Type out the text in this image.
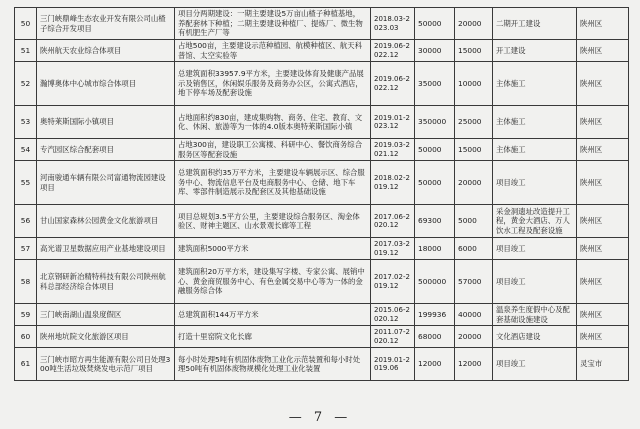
50	三门峡鼎峰生态农业开发有限公司山楂子综合开发项目	项目分两期建设：一期主要建设5万亩山楂子种植基地，养配套林下种植；二期主要建设种植厂、提炼厂、微生物有机肥生产厂等	2018.03-2023.03	50000	20000	二期开工建设	陕州区
51	陕州航天农业综合体项目	占地500亩，主要建设示范种植园、航模种植区、航天科普馆、太空实验等	2019.06-2022.12	30000	15000	开工建设	陕州区
52	瀚博奥体中心城市综合体项目	总建筑面积33957.9平方米，主要建设体育及健康产品展示及销售区，休闲娱乐服务及商务办公区，公寓式酒店，地下停车场及配套设施	2019.06-2022.12	35000	10000	主体施工	陕州区
53	奥特莱斯国际小镇项目	占地面积约830亩，建成集购物、商务、住宅、教育、文化、休闲、旅游等为一体的4.0版本奥特莱斯国际小镇	2019.01-2023.12	350000	25000	主体施工	陕州区
54	专汽园区综合配套项目	占地300亩，建设职工公寓楼、科研中心、餐饮商务综合服务区等配套设施	2019.03-2021.12	50000	15000	主体施工	陕州区
55	河南骏通车辆有限公司富通物流园建设项目	总建筑面积约35万平方米，主要建设车辆展示区、综合服务中心、物流信息平台及电商服务中心、仓储、地下车库、零部件制造展示及配套区及其他基础设施	2018.02-2019.12	50000	20000	项目竣工	陕州区
56	甘山国家森林公园黄金文化旅游项目	项目总规划3.5平方公里，主要建设综合服务区、淘金体验区、财神主题区、山水景观长廊等工程	2017.06-2020.12	69300	5000	采金洞遗址改造提升工程，黄金大酒店、万人饮水工程及配套设施	陕州区
57	高光谱卫星数据应用产业基地建设项目	建筑面积5000平方米	2017.03-2019.12	18000	6000	项目竣工	陕州区
58	北京钢研新冶精特科技有限公司陕州航科总部经济综合体项目	建筑面积20万平方米，建设集写字楼、专家公寓、展销中心、黄金商贸服务中心、有色金属交易中心等为一体的金融服务综合体	2017.02-2019.12	500000	57000	项目竣工	陕州区
59	三门峡南湖山温泉度假区	总建筑面积144万平方米	2015.06-2020.12	199936	40000	温泉养生度假中心及配套基础设施建设	陕州区
60	陕州地坑院文化旅游区项目	打造十里窑院文化长廊	2011.07-2020.12	68000	20000	文化酒店建设	陕州区
61	三门峡市昭方再生能源有限公司日处理300吨生活垃圾焚烧发电示范厂项目	每小时处理5吨有机固体废物工业化示范装置和每小时处理50吨有机固体废物规模化处理工业化装置	2019.01-2019.06	12000	12000	项目竣工	灵宝市
— 7 —
